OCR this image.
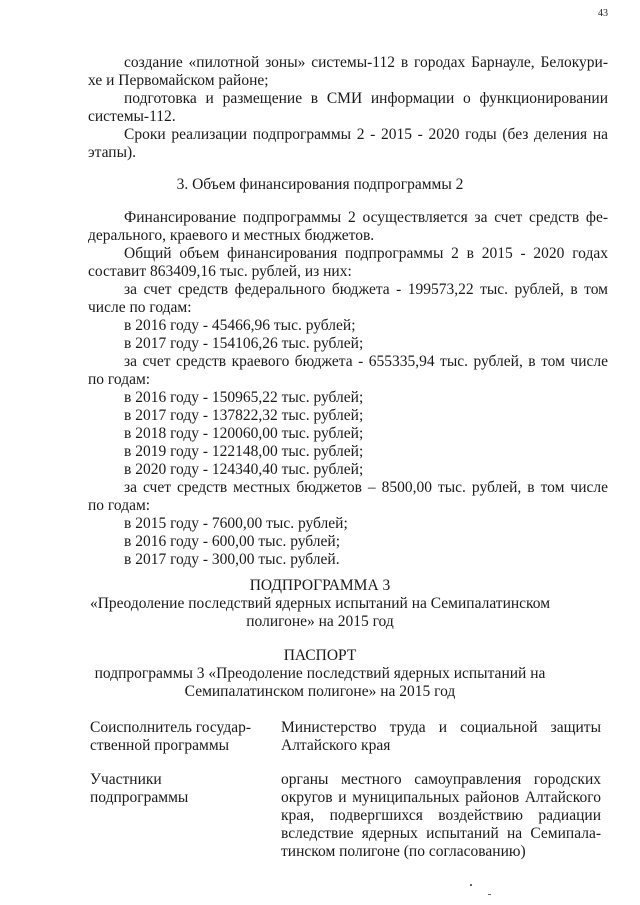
43
создание «пилотной зоны» системы-112 в городах Барнауле, Белокури-
хе и Первомайском районе;
подготовка и размещение в СМИ информации о функционировании
системы-112.
Сроки реализации подпрограммы 2 - 2015 - 2020 годы (без деления на
этапы).
3. Объем финансирования подпрограммы 2
Финансирование подпрограммы 2 осуществляется за счет средств фе-
дерального, краевого и местных бюджетов.
Общий объем финансирования подпрограммы 2 в 2015 - 2020 годах
составит 863409,16 тыс. рублей, из них:
за счет средств федерального бюджета - 199573,22 тыс. рублей, в том
числе по годам:
в 2016 году - 45466,96 тыс. рублей;
в 2017 году - 154106,26 тыс. рублей;
за счет средств краевого бюджета - 655335,94 тыс. рублей, в том числе
по годам:
в 2016 году - 150965,22 тыс. рублей;
в 2017 году - 137822,32 тыс. рублей;
в 2018 году - 120060,00 тыс. рублей;
в 2019 году - 122148,00 тыс. рублей;
в 2020 году - 124340,40 тыс. рублей;
за счет средств местных бюджетов – 8500,00 тыс. рублей, в том числе
по годам:
в 2015 году - 7600,00 тыс. рублей;
в 2016 году - 600,00 тыс. рублей;
в 2017 году - 300,00 тыс. рублей.
ПОДПРОГРАММА 3
«Преодоление последствий ядерных испытаний на Семипалатинском
полигоне» на 2015 год
ПАСПОРТ
подпрограммы 3 «Преодоление последствий ядерных испытаний на
Семипалатинском полигоне» на 2015 год
Соисполнитель государ-
ственной программы
Министерство труда и социальной защиты
Алтайского края
Участники
подпрограммы
органы местного самоуправления городских
округов и муниципальных районов Алтайского
края, подвергшихся воздействию радиации
вследствие ядерных испытаний на Семипала-
тинском полигоне (по согласованию)
